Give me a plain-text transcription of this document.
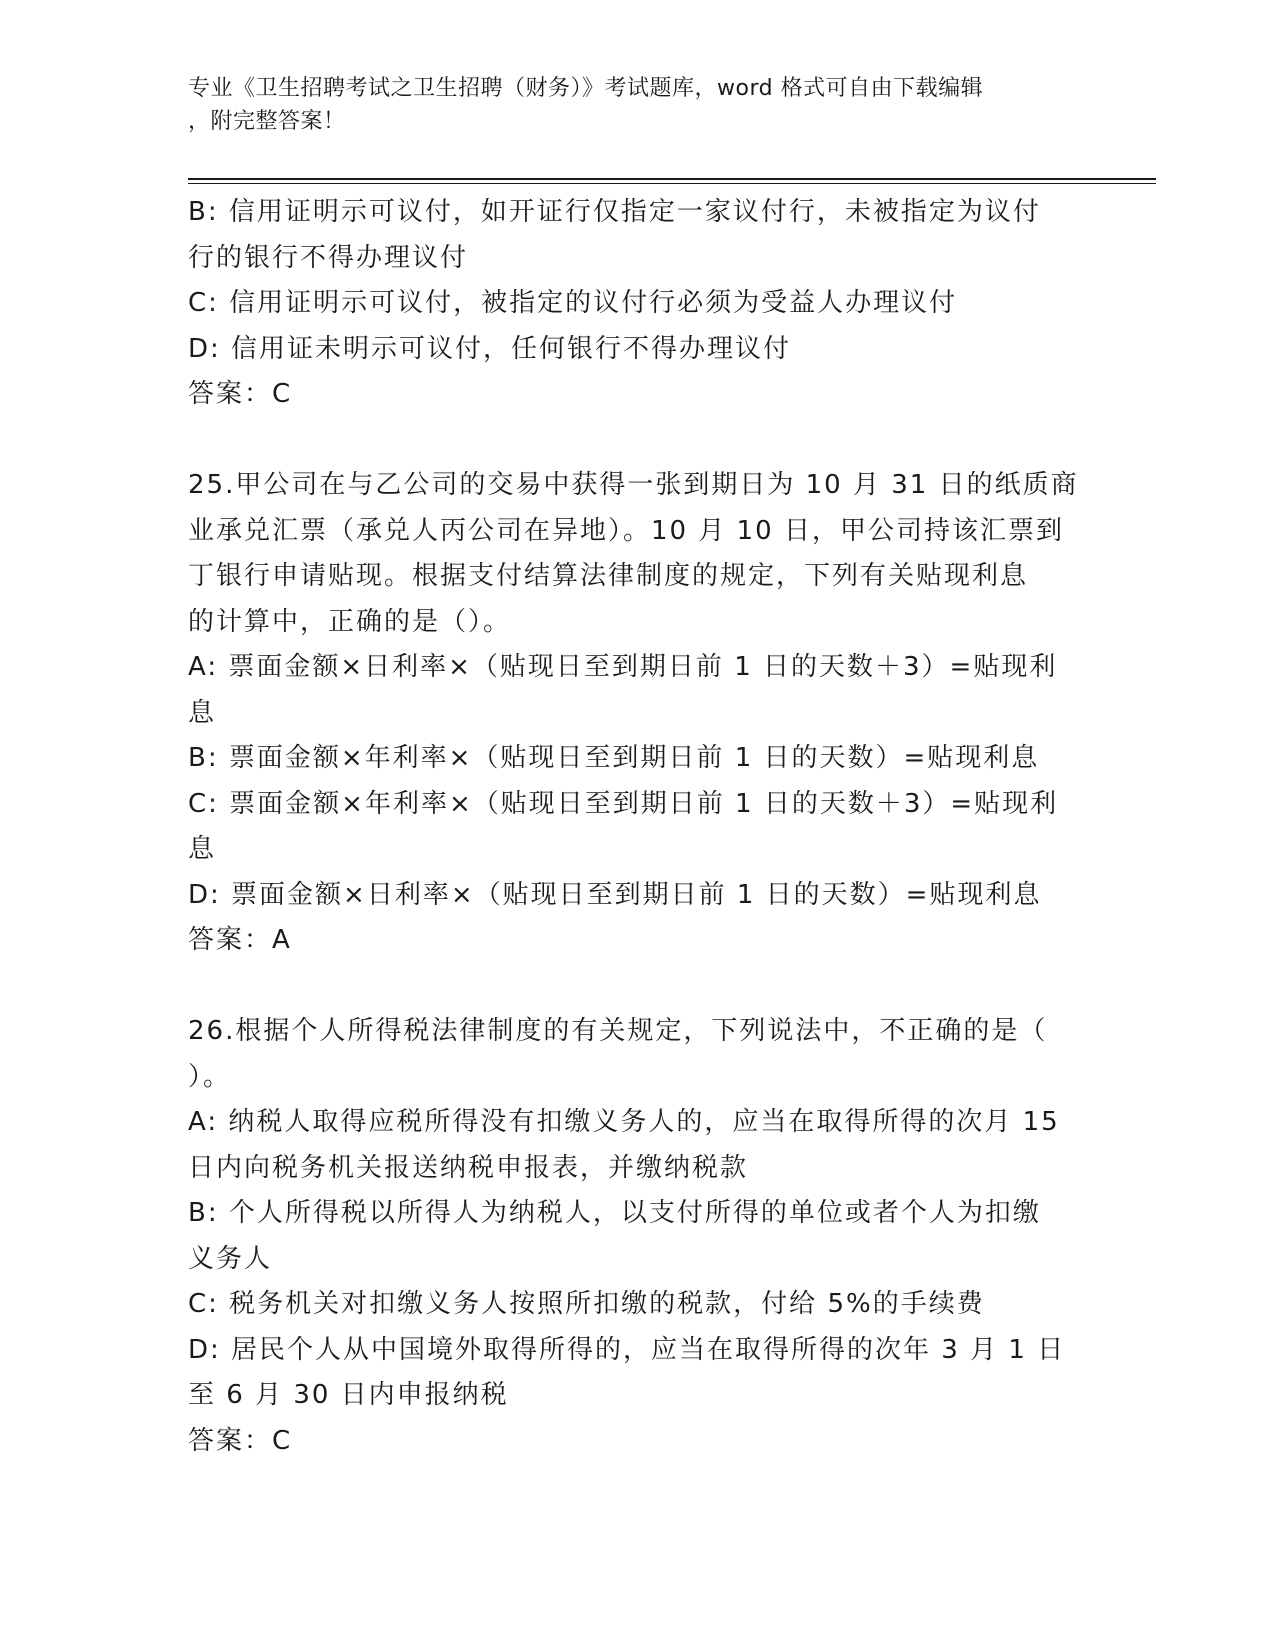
专业《卫生招聘考试之卫生招聘（财务）》考试题库，word 格式可自由下载编辑
，附完整答案！

B: 信用证明示可议付，如开证行仅指定一家议付行，未被指定为议付

行的银行不得办理议付

C: 信用证明示可议付，被指定的议付行必须为受益人办理议付

D: 信用证未明示可议付，任何银行不得办理议付

答案：C

25.甲公司在与乙公司的交易中获得一张到期日为 10 月 31 日的纸质商

业承兑汇票（承兑人丙公司在异地）。10 月 10 日，甲公司持该汇票到

丁银行申请贴现。根据支付结算法律制度的规定，下列有关贴现利息

的计算中，正确的是（）。

A: 票面金额×日利率×（贴现日至到期日前 1 日的天数＋3）=贴现利

息

B: 票面金额×年利率×（贴现日至到期日前 1 日的天数）=贴现利息

C: 票面金额×年利率×（贴现日至到期日前 1 日的天数＋3）=贴现利

息

D: 票面金额×日利率×（贴现日至到期日前 1 日的天数）=贴现利息

答案：A

26.根据个人所得税法律制度的有关规定，下列说法中，不正确的是（

）。

A: 纳税人取得应税所得没有扣缴义务人的，应当在取得所得的次月 15

日内向税务机关报送纳税申报表，并缴纳税款

B: 个人所得税以所得人为纳税人，以支付所得的单位或者个人为扣缴

义务人

C: 税务机关对扣缴义务人按照所扣缴的税款，付给 5%的手续费

D: 居民个人从中国境外取得所得的，应当在取得所得的次年 3 月 1 日

至 6 月 30 日内申报纳税

答案：C
